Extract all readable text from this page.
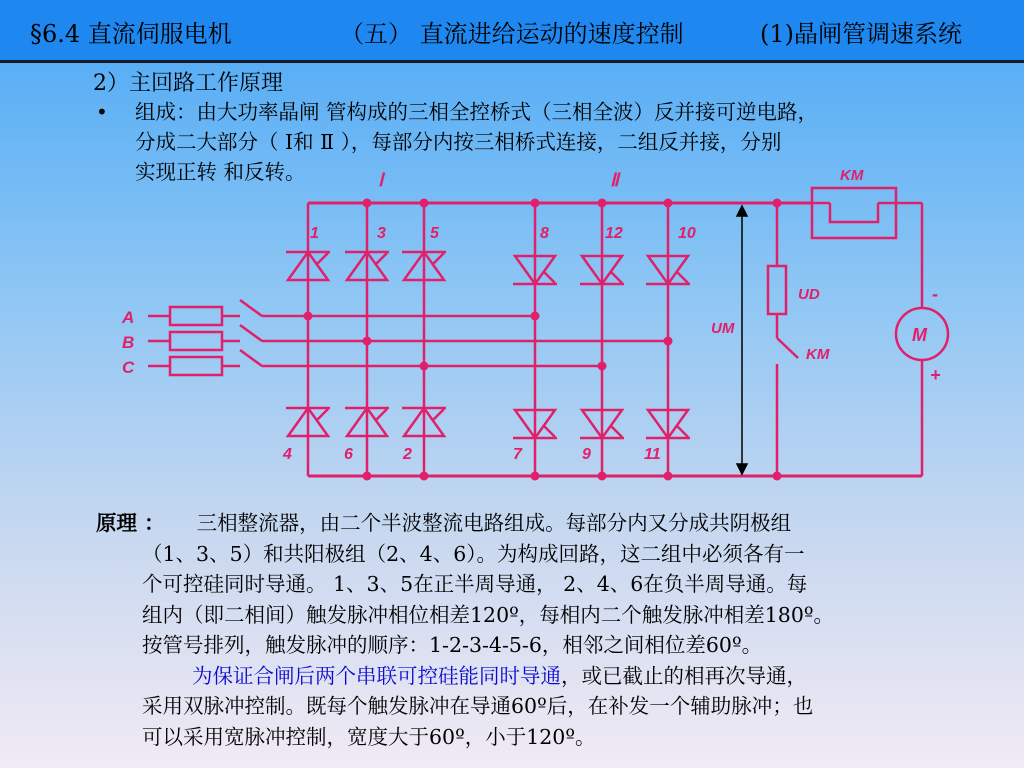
§6.4 直流伺服电机	（五） 直流进给运动的速度控制	(1)晶闸管调速系统
2）主回路工作原理
• 组成：由大功率晶闸 管构成的三相全控桥式（三相全波）反并接可逆电路，
分成二大部分（ Ⅰ和 Ⅱ ），每部分内按三相桥式连接，二组反并接，分别
实现正转 和反转。	Ⅰ	Ⅱ
1	3	5	8	12	10
4	6	2	7	9	11
A
B
C
KM
UD
UM
KM
M
-
+
原理 ： 三相整流器，由二个半波整流电路组成。每部分内又分成共阴极组
（1、3、5）和共阳极组（2、4、6）。为构成回路，这二组中必须各有一
个可控硅同时导通。 1、3、5在正半周导通， 2、4、6在负半周导通。每
组内（即二相间）触发脉冲相位相差120º，每相内二个触发脉冲相差180º。
按管号排列，触发脉冲的顺序：1-2-3-4-5-6，相邻之间相位差60º。
为保证合闸后两个串联可控硅能同时导通，或已截止的相再次导通，
采用双脉冲控制。既每个触发脉冲在导通60º后，在补发一个辅助脉冲；也
可以采用宽脉冲控制，宽度大于60º，小于120º。
